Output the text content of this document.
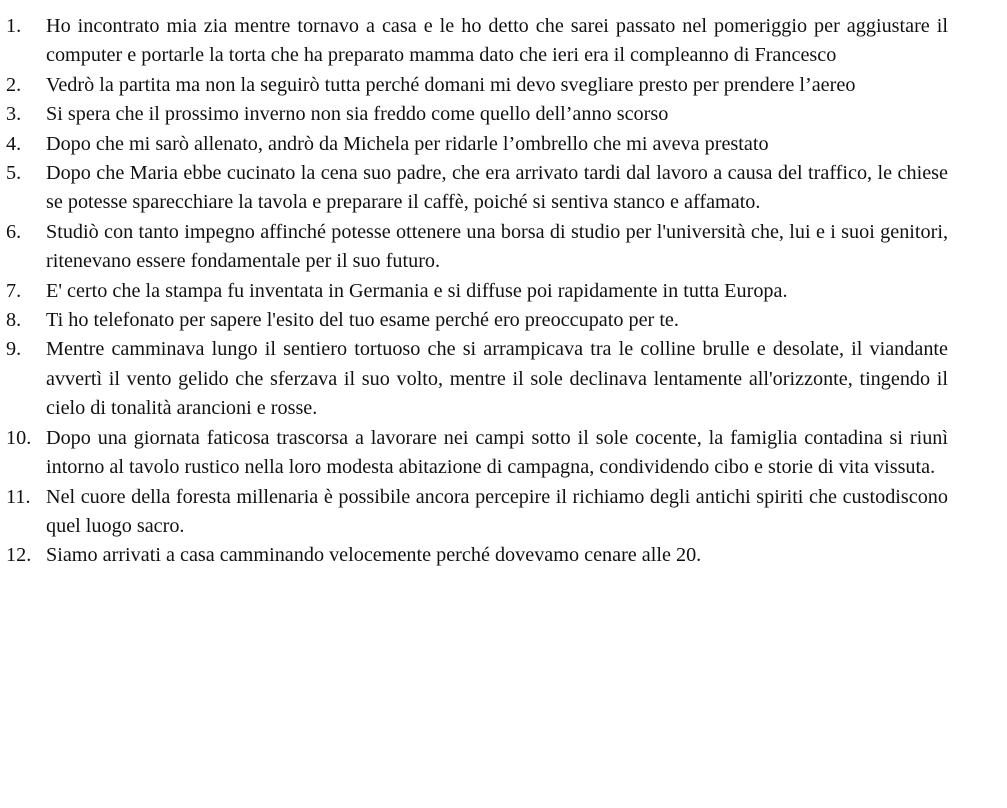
1.	Ho incontrato mia zia mentre tornavo a casa e le ho detto che sarei passato nel pomeriggio per aggiustare il computer e portarle la torta che ha preparato mamma dato che ieri era il compleanno di Francesco
2.	Vedrò la partita ma non la seguirò tutta perché domani mi devo svegliare presto per prendere l’aereo
3.	Si spera che il prossimo inverno non sia freddo come quello dell’anno scorso
4.	Dopo che mi sarò allenato, andrò da Michela per ridarle l’ombrello che mi aveva prestato
5.	Dopo che Maria ebbe cucinato la cena suo padre, che era arrivato tardi dal lavoro a causa del traffico, le chiese se potesse sparecchiare la tavola e preparare il caffè, poiché si sentiva stanco e affamato.
6.	Studiò con tanto impegno affinché potesse ottenere una borsa di studio per l'università che, lui e i suoi genitori, ritenevano essere fondamentale per il suo futuro.
7.	E' certo che la stampa fu inventata in Germania e si diffuse poi rapidamente in tutta Europa.
8.	Ti ho telefonato per sapere l'esito del tuo esame perché ero preoccupato per te.
9.	Mentre camminava lungo il sentiero tortuoso che si arrampicava tra le colline brulle e desolate, il viandante avvertì il vento gelido che sferzava il suo volto, mentre il sole declinava lentamente all'orizzonte, tingendo il cielo di tonalità arancioni e rosse.
10. Dopo una giornata faticosa trascorsa a lavorare nei campi sotto il sole cocente, la famiglia contadina si riunì intorno al tavolo rustico nella loro modesta abitazione di campagna, condividendo cibo e storie di vita vissuta.
11. Nel cuore della foresta millenaria è possibile ancora percepire il richiamo degli antichi spiriti che custodiscono quel luogo sacro.
12. Siamo arrivati a casa camminando velocemente perché dovevamo cenare alle 20.
